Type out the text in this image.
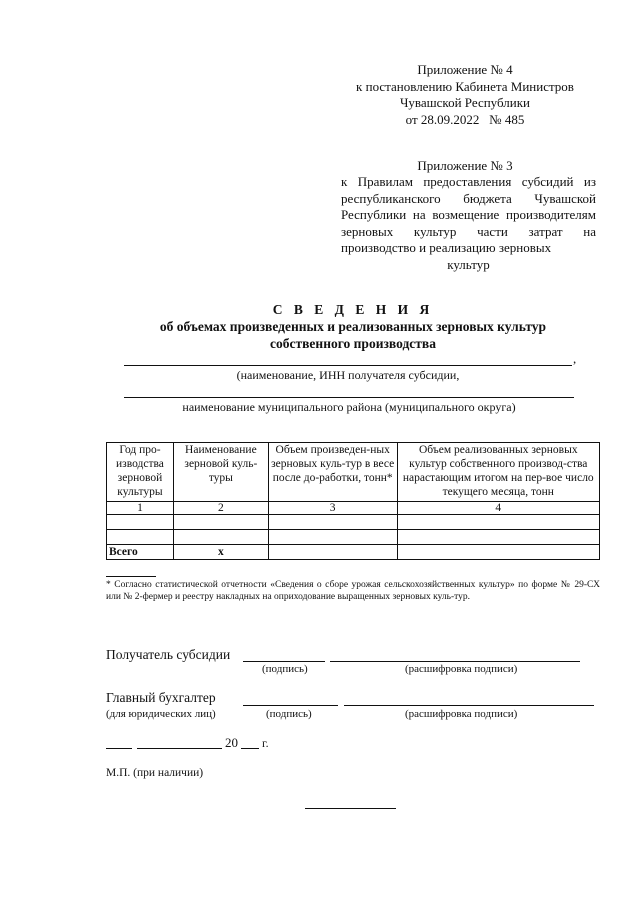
Приложение № 4
к постановлению Кабинета Министров
Чувашской Республики
от 28.09.2022   № 485
Приложение № 3
к Правилам предоставления субсидий из республиканского бюджета Чувашской Республики на возмещение производителям зерновых культур части затрат на производство и реализацию зерновых
культур
С В Е Д Е Н И Я
об объемах произведенных и реализованных зерновых культур
собственного производства
,
(наименование, ИНН получателя субсидии,
наименование муниципального района (муниципального округа)
Год про-изводства зерновой культуры	Наименование зерновой куль-туры	Объем произведен-ных зерновых куль-тур в весе после до-работки, тонн*	Объем реализованных зерновых культур собственного производ-ства нарастающим итогом на пер-вое число текущего месяца, тонн
1	2	3	4

Всего	х		
* Согласно статистической отчетности «Сведения о сборе урожая сельскохозяйственных культур» по форме № 29-СХ или № 2-фермер и реестру накладных на оприходование выращенных зерновых куль-тур.
Получатель субсидии
(подпись)	(расшифровка подписи)
Главный бухгалтер
(для юридических лиц)	(подпись)	(расшифровка подписи)
20 г.
М.П. (при наличии)
